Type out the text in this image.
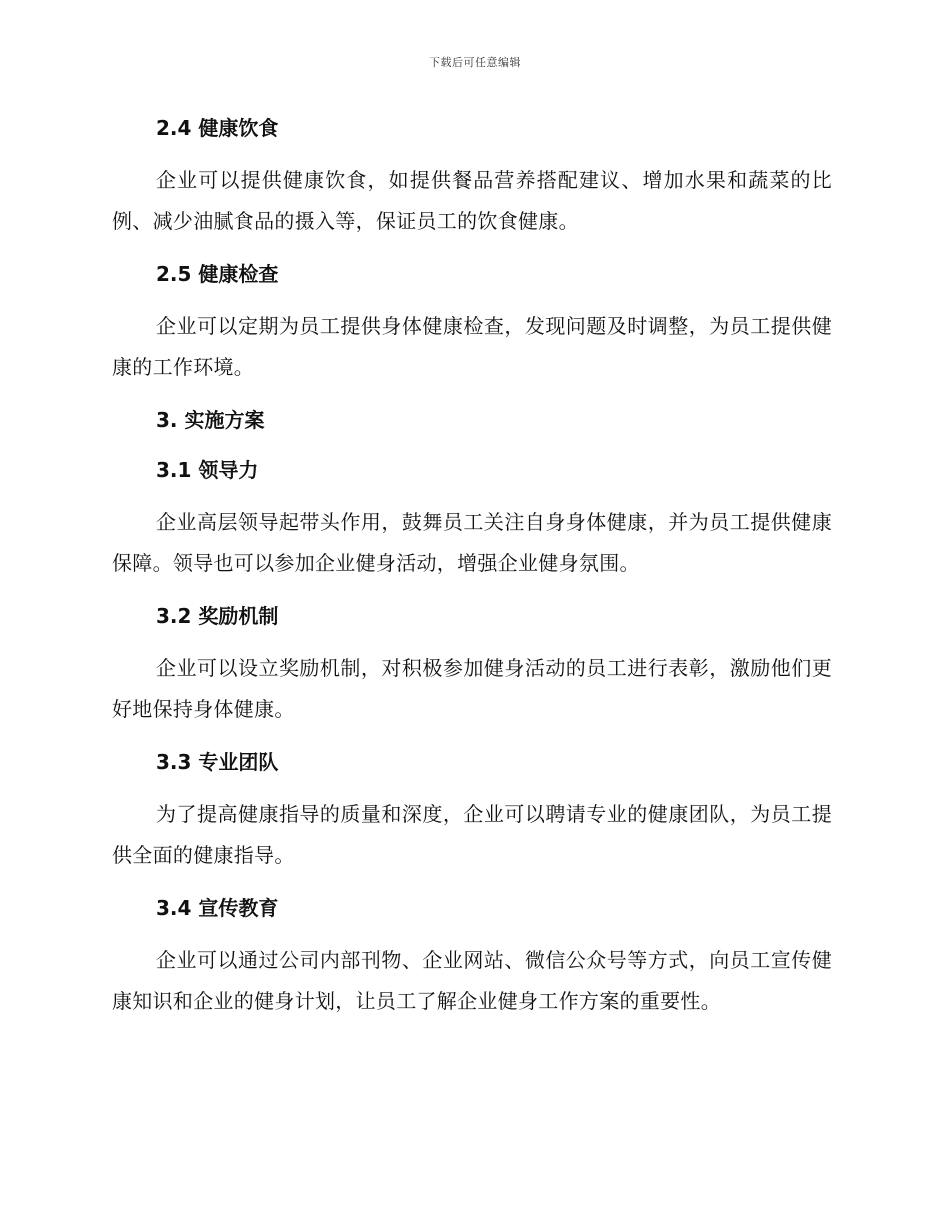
下载后可任意编辑
2.4 健康饮食

企业可以提供健康饮食，如提供餐品营养搭配建议、增加水果和蔬菜的比例、减少油腻食品的摄入等，保证员工的饮食健康。

2.5 健康检查

企业可以定期为员工提供身体健康检查，发现问题及时调整，为员工提供健康的工作环境。

3. 实施方案
3.1 领导力

企业高层领导起带头作用，鼓舞员工关注自身身体健康，并为员工提供健康保障。领导也可以参加企业健身活动，增强企业健身氛围。

3.2 奖励机制

企业可以设立奖励机制，对积极参加健身活动的员工进行表彰，激励他们更好地保持身体健康。

3.3 专业团队

为了提高健康指导的质量和深度，企业可以聘请专业的健康团队，为员工提供全面的健康指导。

3.4 宣传教育

企业可以通过公司内部刊物、企业网站、微信公众号等方式，向员工宣传健康知识和企业的健身计划，让员工了解企业健身工作方案的重要性。
